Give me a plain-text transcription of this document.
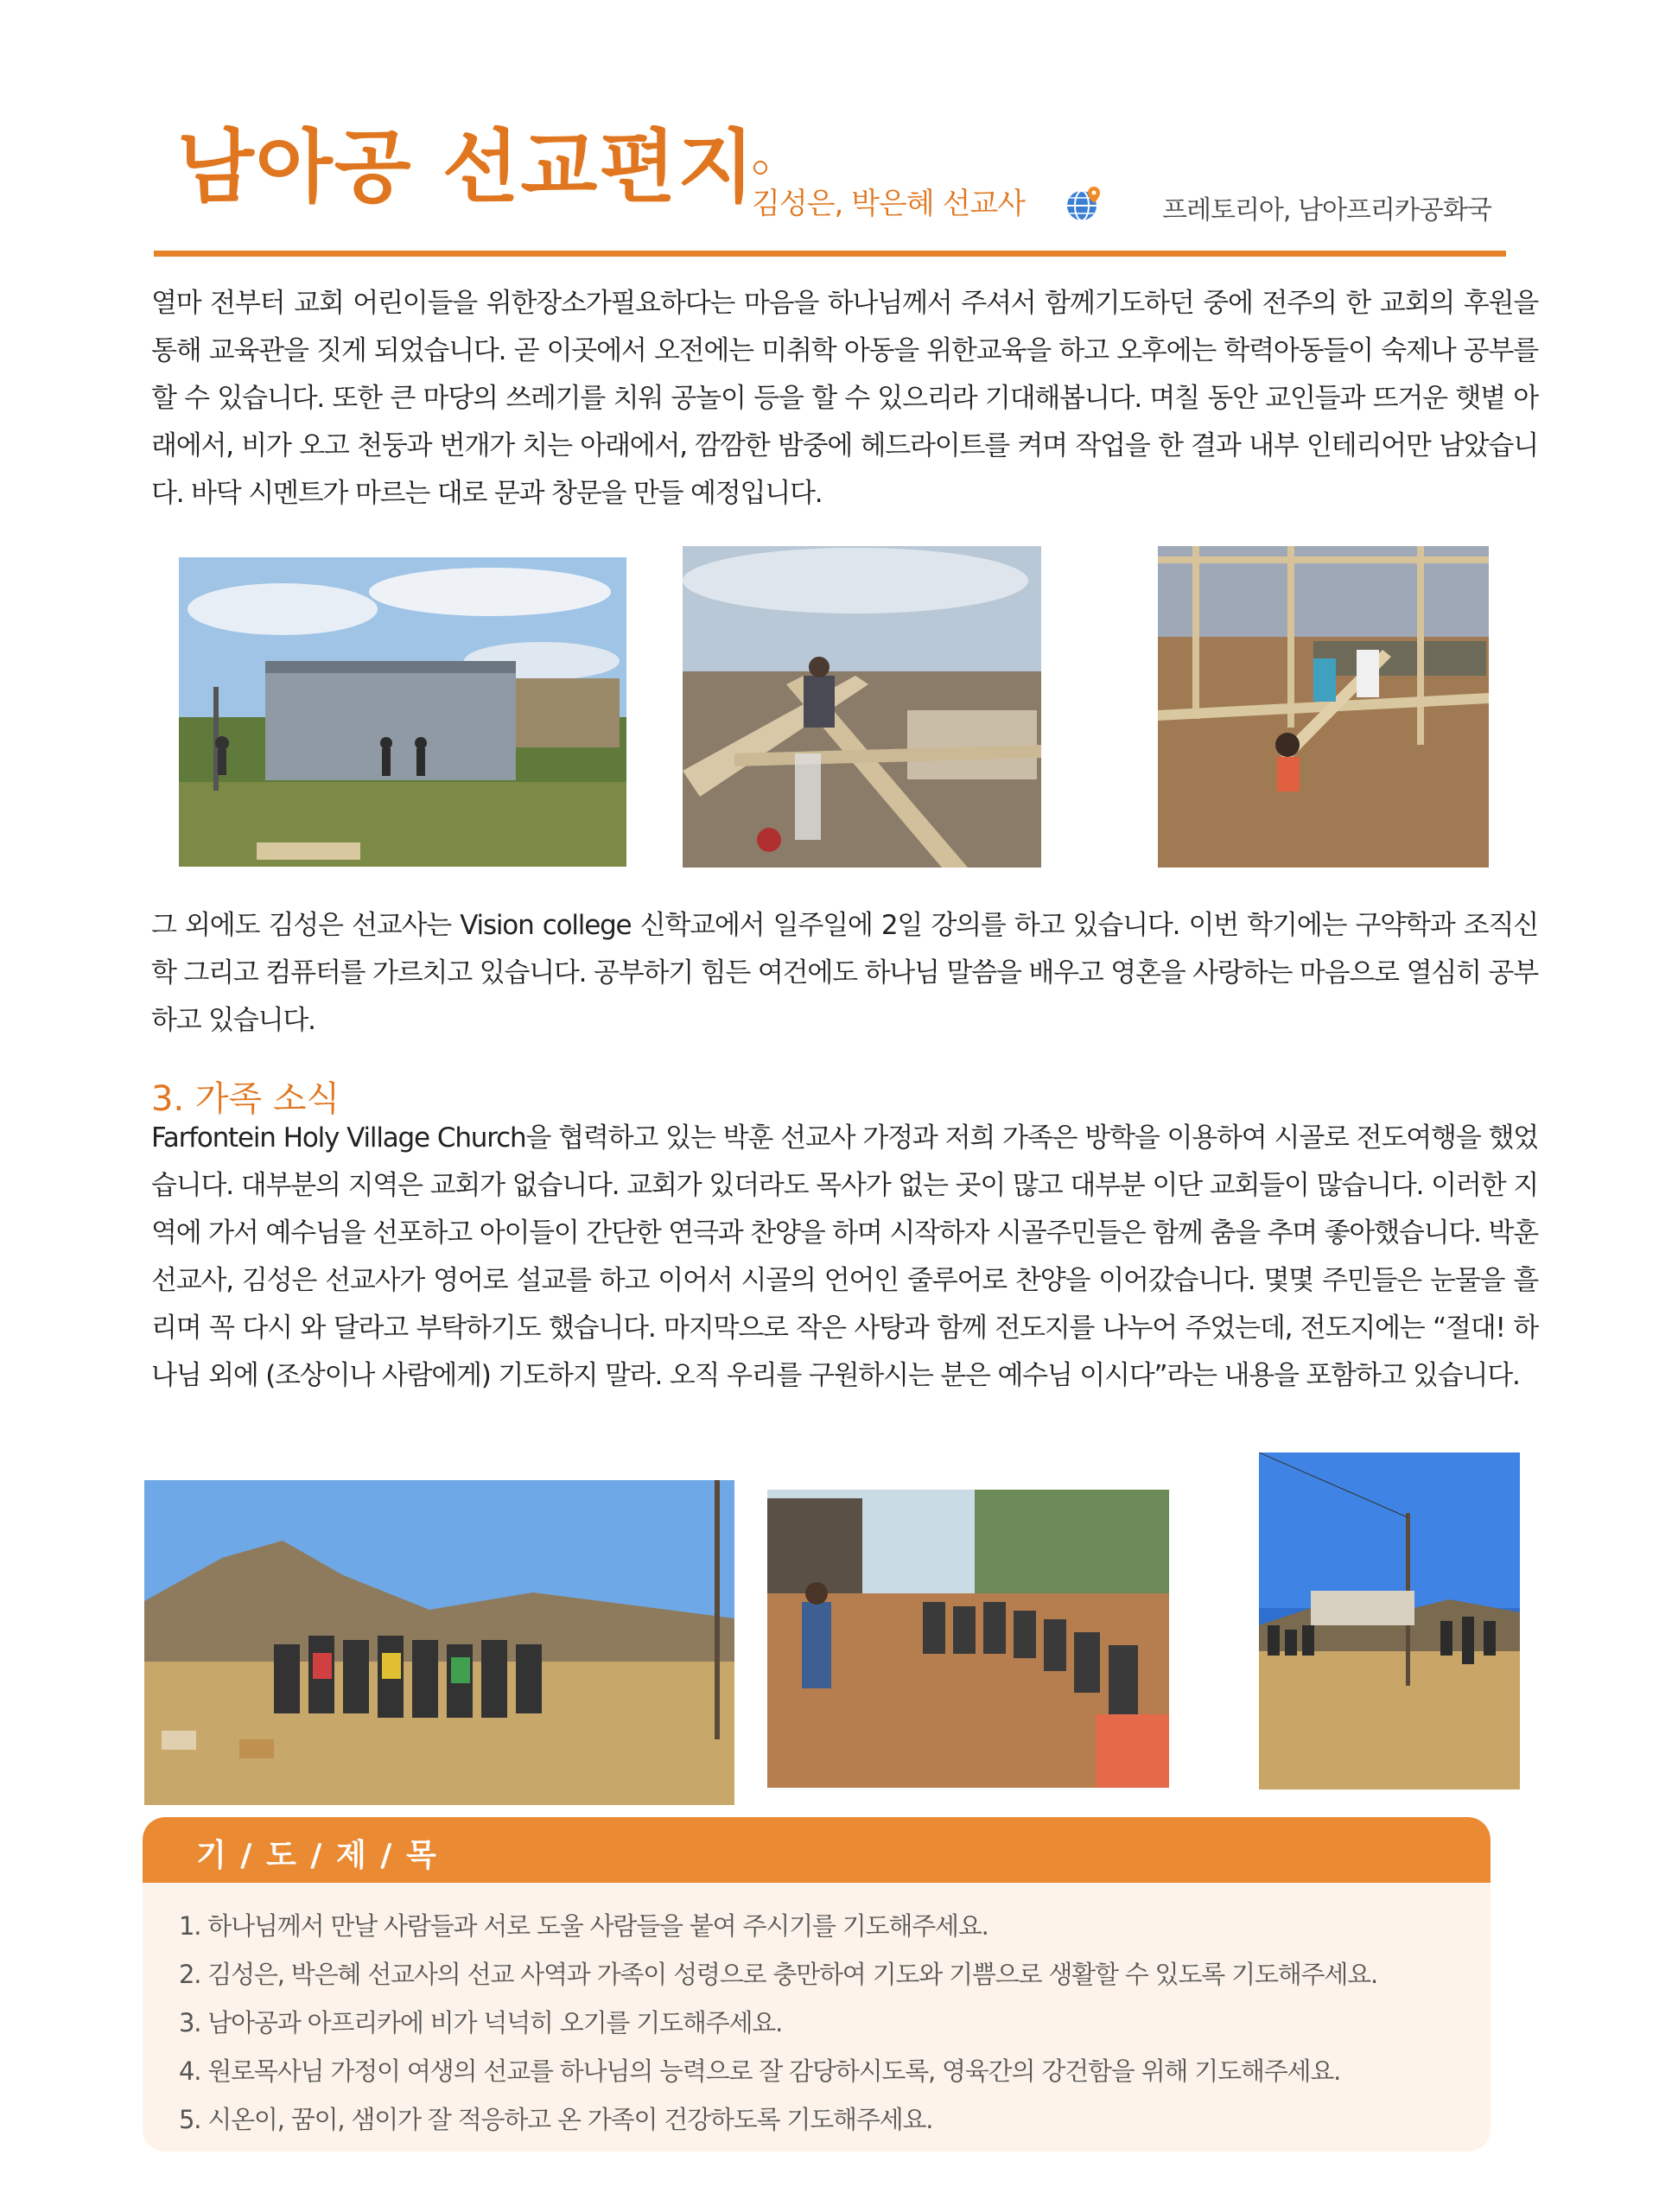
남아공 선교편지
김성은, 박은혜 선교사	프레토리아, 남아프리카공화국
열마 전부터 교회 어린이들을 위한장소가필요하다는 마음을 하나님께서 주셔서 함께기도하던 중에 전주의 한 교회의 후원을 통해 교육관을 짓게 되었습니다. 곧 이곳에서 오전에는 미취학 아동을 위한교육을 하고 오후에는 학력아동들이 숙제나 공부를 할 수 있습니다. 또한 큰 마당의 쓰레기를 치워 공놀이 등을 할 수 있으리라 기대해봅니다. 며칠 동안 교인들과 뜨거운 햇볕 아래에서, 비가 오고 천둥과 번개가 치는 아래에서, 깜깜한 밤중에 헤드라이트를 켜며 작업을 한 결과 내부 인테리어만 남았습니다. 바닥 시멘트가 마르는 대로 문과 창문을 만들 예정입니다.
그 외에도 김성은 선교사는 Vision college 신학교에서 일주일에 2일 강의를 하고 있습니다. 이번 학기에는 구약학과 조직신학 그리고 컴퓨터를 가르치고 있습니다. 공부하기 힘든 여건에도 하나님 말씀을 배우고 영혼을 사랑하는 마음으로 열심히 공부하고 있습니다.
3. 가족 소식
Farfontein Holy Village Church을 협력하고 있는 박훈 선교사 가정과 저희 가족은 방학을 이용하여 시골로 전도여행을 했었습니다. 대부분의 지역은 교회가 없습니다. 교회가 있더라도 목사가 없는 곳이 많고 대부분 이단 교회들이 많습니다. 이러한 지역에 가서 예수님을 선포하고 아이들이 간단한 연극과 찬양을 하며 시작하자 시골주민들은 함께 춤을 추며 좋아했습니다. 박훈 선교사, 김성은 선교사가 영어로 설교를 하고 이어서 시골의 언어인 줄루어로 찬양을 이어갔습니다. 몇몇 주민들은 눈물을 흘리며 꼭 다시 와 달라고 부탁하기도 했습니다. 마지막으로 작은 사탕과 함께 전도지를 나누어 주었는데, 전도지에는 “절대! 하나님 외에 (조상이나 사람에게) 기도하지 말라. 오직 우리를 구원하시는 분은 예수님 이시다”라는 내용을 포함하고 있습니다.
기 / 도 / 제 / 목
1. 하나님께서 만날 사람들과 서로 도울 사람들을 붙여 주시기를 기도해주세요.
2. 김성은, 박은혜 선교사의 선교 사역과 가족이 성령으로 충만하여 기도와 기쁨으로 생활할 수 있도록 기도해주세요.
3. 남아공과 아프리카에 비가 넉넉히 오기를 기도해주세요.
4. 원로목사님 가정이 여생의 선교를 하나님의 능력으로 잘 감당하시도록, 영육간의 강건함을 위해 기도해주세요.
5. 시온이, 꿈이, 샘이가 잘 적응하고 온 가족이 건강하도록 기도해주세요.
